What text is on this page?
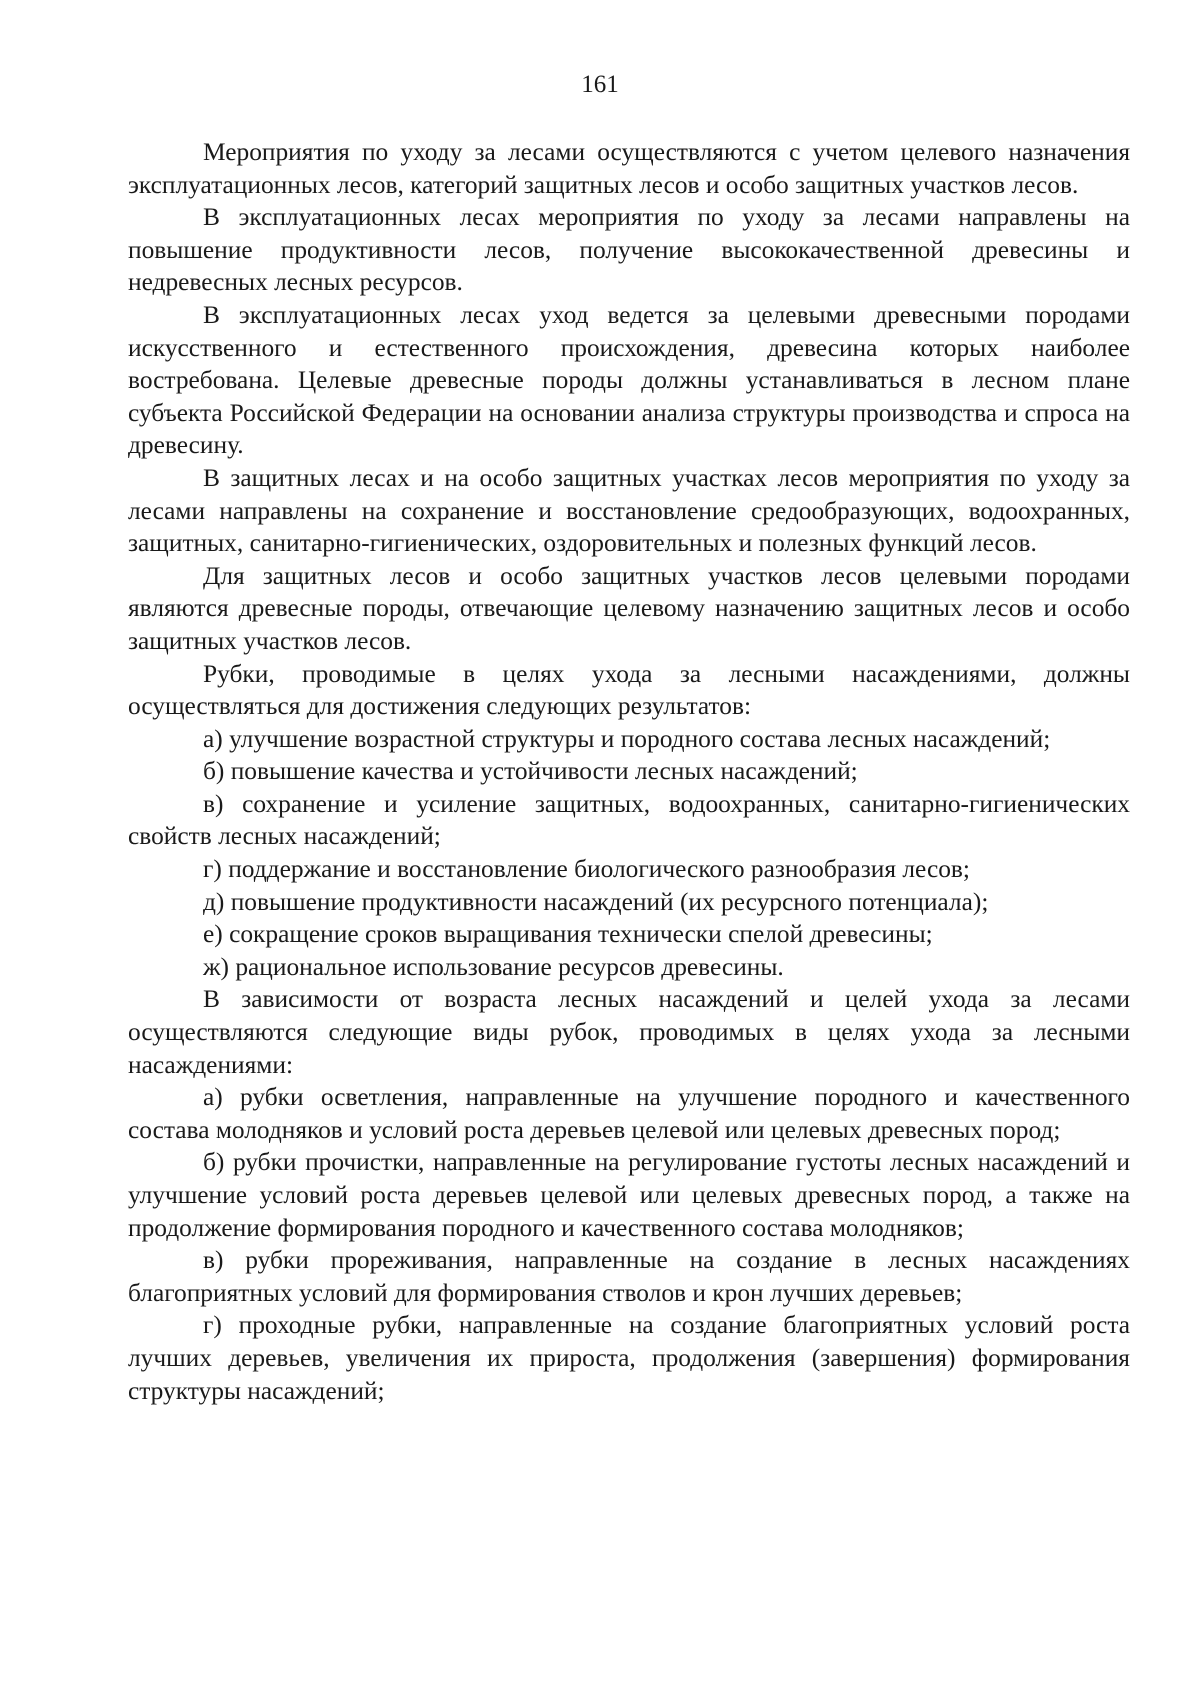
161

Мероприятия по уходу за лесами осуществляются с учетом целевого назначения эксплуатационных лесов, категорий защитных лесов и особо защитных участков лесов.

В эксплуатационных лесах мероприятия по уходу за лесами направлены на повышение продуктивности лесов, получение высококачественной древесины и недревесных лесных ресурсов.

В эксплуатационных лесах уход ведется за целевыми древесными породами искусственного и естественного происхождения, древесина которых наиболее востребована. Целевые древесные породы должны устанавливаться в лесном плане субъекта Российской Федерации на основании анализа структуры производства и спроса на древесину.

В защитных лесах и на особо защитных участках лесов мероприятия по уходу за лесами направлены на сохранение и восстановление средообразующих, водоохранных, защитных, санитарно-гигиенических, оздоровительных и полезных функций лесов.

Для защитных лесов и особо защитных участков лесов целевыми породами являются древесные породы, отвечающие целевому назначению защитных лесов и особо защитных участков лесов.

Рубки, проводимые в целях ухода за лесными насаждениями, должны осуществляться для достижения следующих результатов:

а) улучшение возрастной структуры и породного состава лесных насаждений;

б) повышение качества и устойчивости лесных насаждений;

в) сохранение и усиление защитных, водоохранных, санитарно-гигиенических свойств лесных насаждений;

г) поддержание и восстановление биологического разнообразия лесов;

д) повышение продуктивности насаждений (их ресурсного потенциала);

е) сокращение сроков выращивания технически спелой древесины;

ж) рациональное использование ресурсов древесины.

В зависимости от возраста лесных насаждений и целей ухода за лесами осуществляются следующие виды рубок, проводимых в целях ухода за лесными насаждениями:

а) рубки осветления, направленные на улучшение породного и качественного состава молодняков и условий роста деревьев целевой или целевых древесных пород;

б) рубки прочистки, направленные на регулирование густоты лесных насаждений и улучшение условий роста деревьев целевой или целевых древесных пород, а также на продолжение формирования породного и качественного состава молодняков;

в) рубки прореживания, направленные на создание в лесных насаждениях благоприятных условий для формирования стволов и крон лучших деревьев;

г) проходные рубки, направленные на создание благоприятных условий роста лучших деревьев, увеличения их прироста, продолжения (завершения) формирования структуры насаждений;
